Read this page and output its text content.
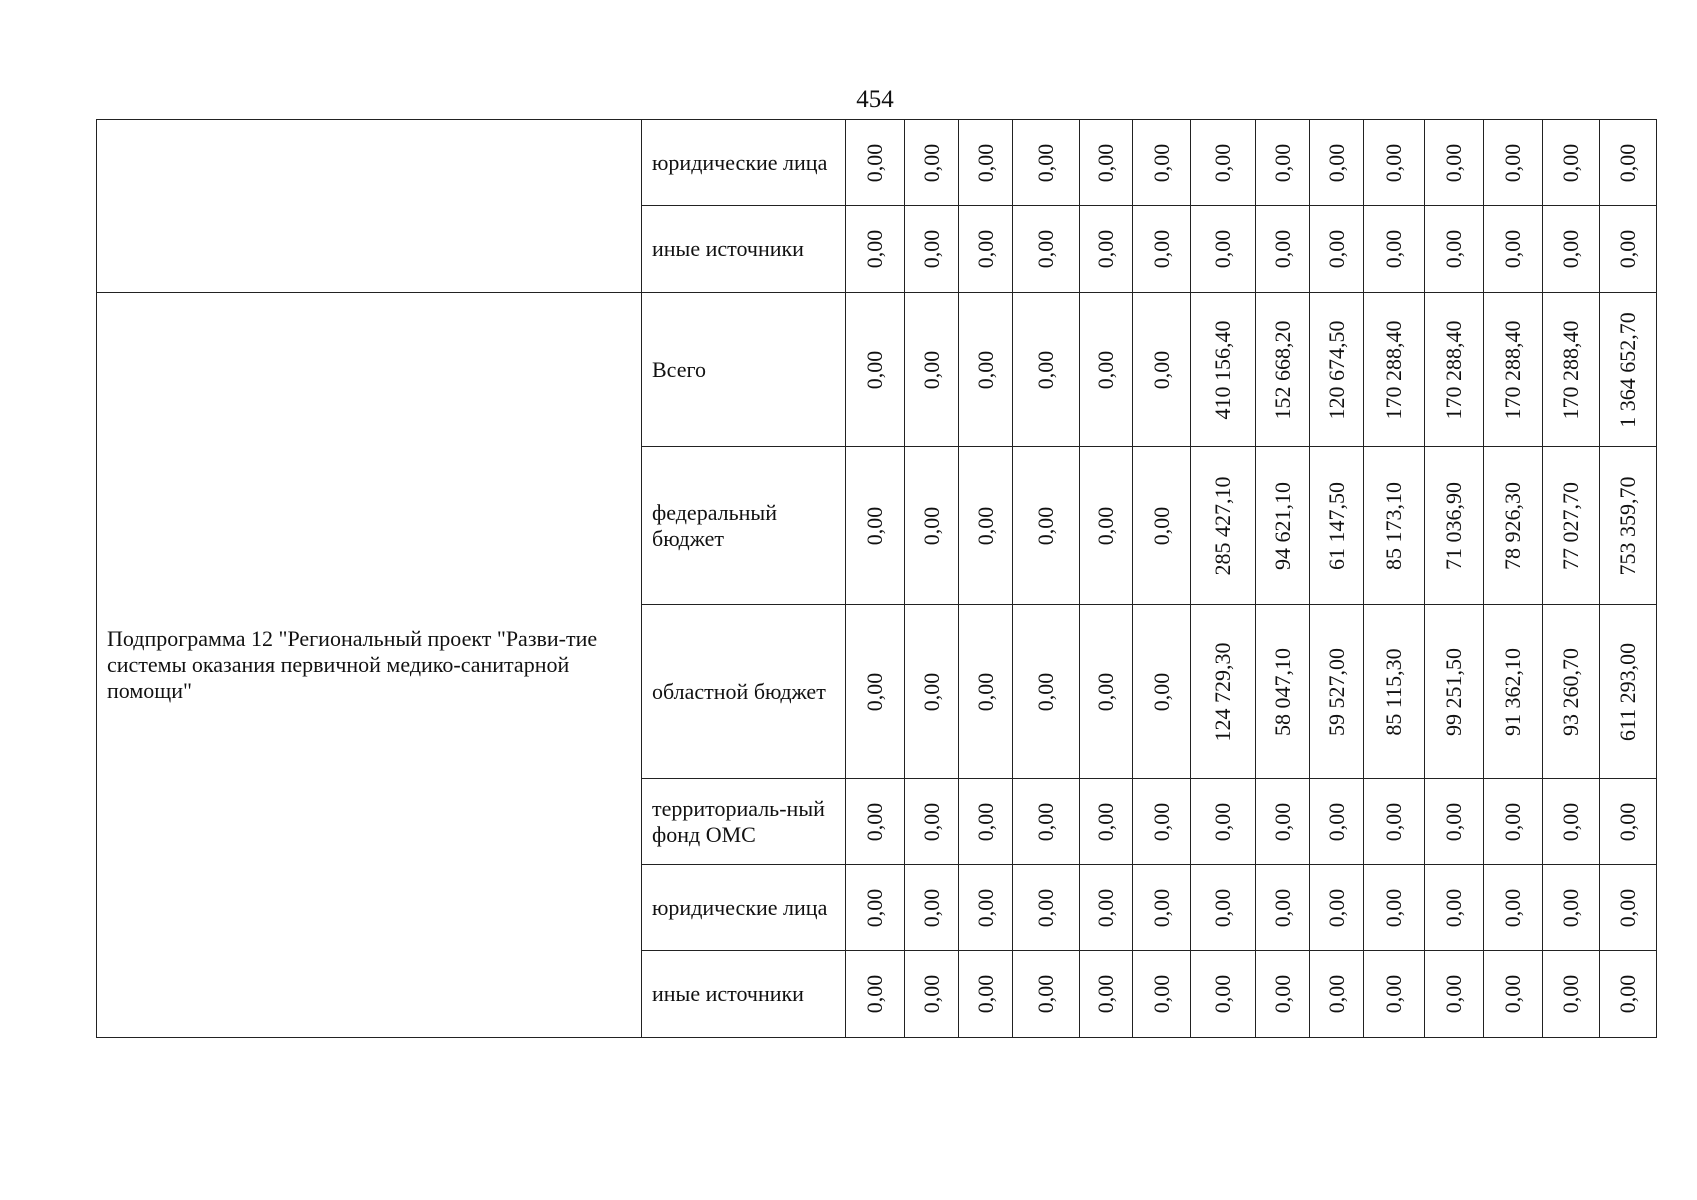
454
	юридические лица	0,00	0,00	0,00	0,00	0,00	0,00	0,00	0,00	0,00	0,00	0,00	0,00	0,00	0,00

	иные источники	0,00	0,00	0,00	0,00	0,00	0,00	0,00	0,00	0,00	0,00	0,00	0,00	0,00	0,00

Подпрограмма 12 "Региональный проект "Разви-тие системы оказания первичной медико-санитарной помощи"	Всего	0,00	0,00	0,00	0,00	0,00	0,00	410 156,40	152 668,20	120 674,50	170 288,40	170 288,40	170 288,40	170 288,40	1 364 652,70

	федеральный бюджет	0,00	0,00	0,00	0,00	0,00	0,00	285 427,10	94 621,10	61 147,50	85 173,10	71 036,90	78 926,30	77 027,70	753 359,70

	областной бюджет	0,00	0,00	0,00	0,00	0,00	0,00	124 729,30	58 047,10	59 527,00	85 115,30	99 251,50	91 362,10	93 260,70	611 293,00

	территориаль-ный фонд ОМС	0,00	0,00	0,00	0,00	0,00	0,00	0,00	0,00	0,00	0,00	0,00	0,00	0,00	0,00

	юридические лица	0,00	0,00	0,00	0,00	0,00	0,00	0,00	0,00	0,00	0,00	0,00	0,00	0,00	0,00

	иные источники	0,00	0,00	0,00	0,00	0,00	0,00	0,00	0,00	0,00	0,00	0,00	0,00	0,00	0,00
